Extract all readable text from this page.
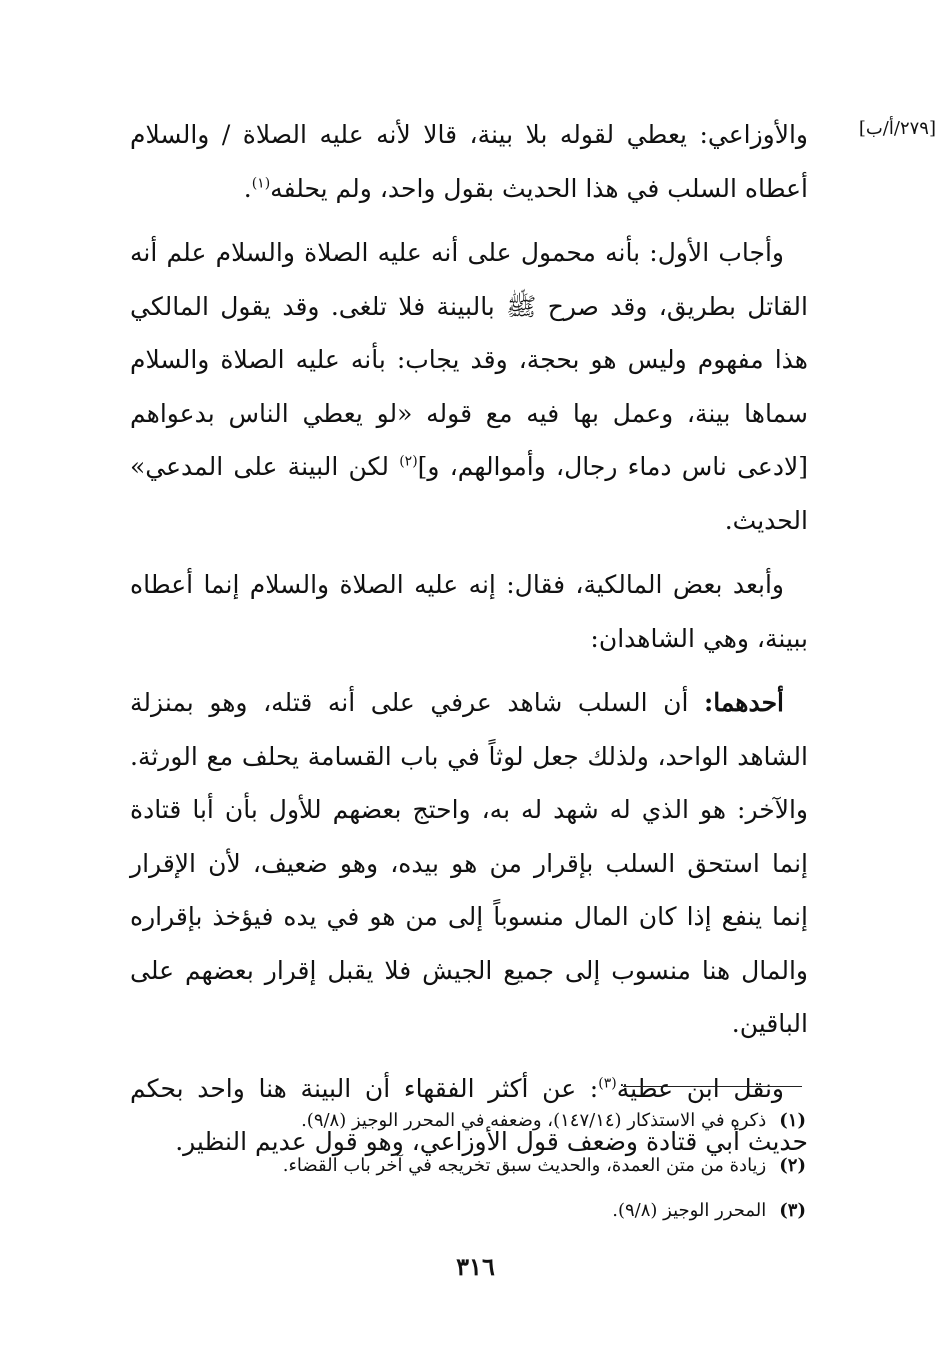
[٢٧٩/أ/ب]

والأوزاعي: يعطي لقوله بلا بينة، قالا لأنه عليه الصلاة / والسلام أعطاه السلب في هذا الحديث بقول واحد، ولم يحلفه$^{(١)}$.

وأجاب الأول: بأنه محمول على أنه عليه الصلاة والسلام علم أنه القاتل بطريق، وقد صرح ﷺ بالبينة فلا تلغى. وقد يقول المالكي هذا مفهوم وليس هو بحجة، وقد يجاب: بأنه عليه الصلاة والسلام سماها بينة، وعمل بها فيه مع قوله «لو يعطي الناس بدعواهم [لادعى ناس دماء رجال، وأموالهم، و]$^{(٢)}$ لكن البينة على المدعي» الحديث.

وأبعد بعض المالكية، فقال: إنه عليه الصلاة والسلام إنما أعطاه ببينة، وهي الشاهدان:

أحدهما: أن السلب شاهد عرفي على أنه قتله، وهو بمنزلة الشاهد الواحد، ولذلك جعل لوثاً في باب القسامة يحلف مع الورثة. والآخر: هو الذي له شهد له به، واحتج بعضهم للأول بأن أبا قتادة إنما استحق السلب بإقرار من هو بيده، وهو ضعيف، لأن الإقرار إنما ينفع إذا كان المال منسوباً إلى من هو في يده فيؤخذ بإقراره والمال هنا منسوب إلى جميع الجيش فلا يقبل إقرار بعضهم على الباقين.

ونقل ابن عطية$^{(٣)}$: عن أكثر الفقهاء أن البينة هنا واحد بحكم حديث أبي قتادة وضعف قول الأوزاعي، وهو قول عديم النظير.

(١) ذكره في الاستذكار (١٤٧/١٤)، وضعفه في المحرر الوجيز (٩/٨).
(٢) زيادة من متن العمدة، والحديث سبق تخريجه في آخر باب القضاء.
(٣) المحرر الوجيز (٩/٨).
٣١٦
